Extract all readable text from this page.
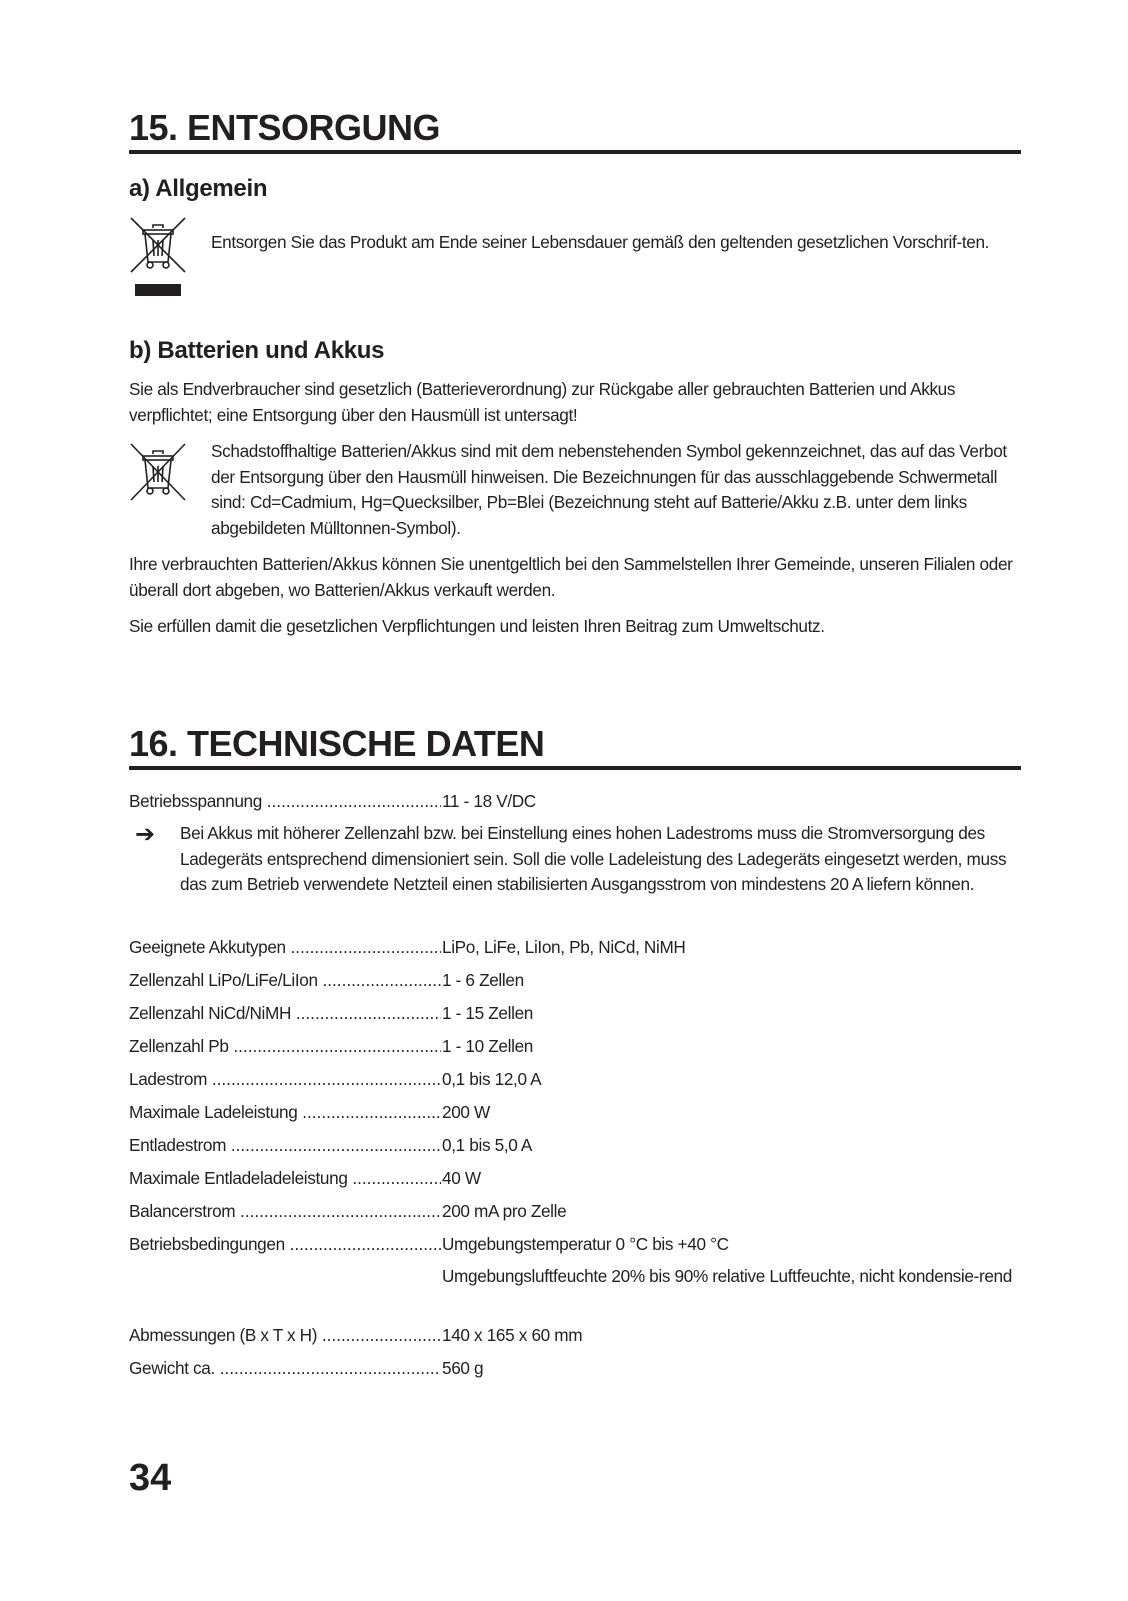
15. ENTSORGUNG
a) Allgemein
Entsorgen Sie das Produkt am Ende seiner Lebensdauer gemäß den geltenden gesetzlichen Vorschrif-ten.
b) Batterien und Akkus
Sie als Endverbraucher sind gesetzlich (Batterieverordnung) zur Rückgabe aller gebrauchten Batterien und Akkus verpflichtet; eine Entsorgung über den Hausmüll ist untersagt!
Schadstoffhaltige Batterien/Akkus sind mit dem nebenstehenden Symbol gekennzeichnet, das auf das Verbot der Entsorgung über den Hausmüll hinweisen. Die Bezeichnungen für das ausschlaggebende Schwermetall sind: Cd=Cadmium, Hg=Quecksilber, Pb=Blei (Bezeichnung steht auf Batterie/Akku z.B. unter dem links abgebildeten Mülltonnen-Symbol).
Ihre verbrauchten Batterien/Akkus können Sie unentgeltlich bei den Sammelstellen Ihrer Gemeinde, unseren Filialen oder überall dort abgeben, wo Batterien/Akkus verkauft werden.
Sie erfüllen damit die gesetzlichen Verpflichtungen und leisten Ihren Beitrag zum Umweltschutz.
16. TECHNISCHE DATEN
Betriebsspannung .....	11 - 18 V/DC
➔ Bei Akkus mit höherer Zellenzahl bzw. bei Einstellung eines hohen Ladestroms muss die Stromversorgung des Ladegeräts entsprechend dimensioniert sein. Soll die volle Ladeleistung des Ladegeräts eingesetzt werden, muss das zum Betrieb verwendete Netzteil einen stabilisierten Ausgangsstrom von mindestens 20 A liefern können.
Geeignete Akkutypen .....	LiPo, LiFe, LiIon, Pb, NiCd, NiMH
Zellenzahl LiPo/LiFe/LiIon .....	1 - 6 Zellen
Zellenzahl NiCd/NiMH .....	1 - 15 Zellen
Zellenzahl Pb .....	1 - 10 Zellen
Ladestrom .....	0,1 bis 12,0 A
Maximale Ladeleistung .....	200 W
Entladestrom .....	0,1 bis 5,0 A
Maximale Entladeladeleistung .....	40 W
Balancerstrom .....	200 mA pro Zelle
Betriebsbedingungen .....	Umgebungstemperatur 0 °C bis +40 °C
Umgebungsluftfeuchte 20% bis 90% relative Luftfeuchte, nicht kondensie-rend
Abmessungen (B x T x H) .....	140 x 165 x 60 mm
Gewicht ca. .....	560 g
34
